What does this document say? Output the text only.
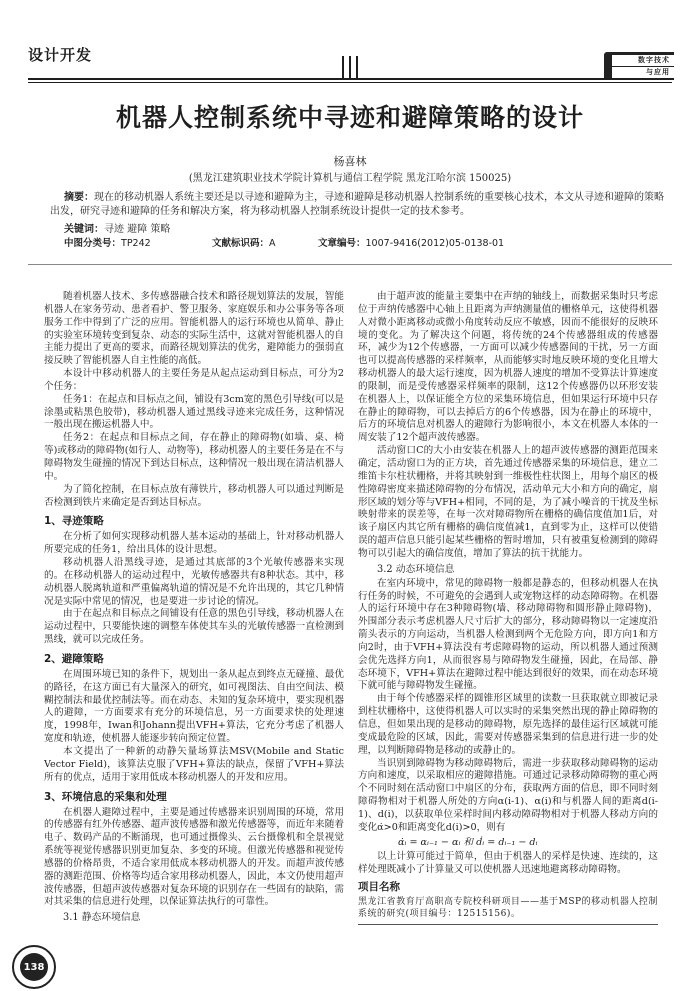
设计开发	数字技术
与应用
机器人控制系统中寻迹和避障策略的设计
杨喜林
(黑龙江建筑职业技术学院计算机与通信工程学院 黑龙江哈尔滨 150025)
摘要：现在的移动机器人系统主要还是以寻迹和避障为主，寻迹和避障是移动机器人控制系统的重要核心技术，本文从寻迹和避障的策略出发，研究寻迹和避障的任务和解决方案，将为移动机器人控制系统设计提供一定的技术参考。
关键词：寻迹 避障 策略
中图分类号：TP242	文献标识码：A	文章编号：1007-9416(2012)05-0138-01

随着机器人技术、多传感器融合技术和路径规划算法的发展，智能机器人在家务劳动、患者看护、警卫服务、家庭娱乐和办公事务等各项服务工作中得到了广泛的应用。智能机器人的运行环境也从简单、静止的实验室环境转变到复杂、动态的实际生活中，这就对智能机器人的自主能力提出了更高的要求，而路径规划算法的优劣，避障能力的强弱直接反映了智能机器人自主性能的高低。

本设计中移动机器人的主要任务是从起点运动到目标点，可分为2个任务：

任务1：在起点和目标点之间，铺设有3cm宽的黑色引导线(可以是涂墨或粘黑色胶带)，移动机器人通过黑线寻迹来完成任务，这种情况一般出现在搬运机器人中。

任务2：在起点和目标点之间，存在静止的障碍物(如墙、桌、椅等)或移动的障碍物(如行人、动物等)，移动机器人的主要任务是在不与障碍物发生碰撞的情况下到达目标点，这种情况一般出现在清洁机器人中。

为了简化控制，在目标点放有薄铁片，移动机器人可以通过判断是否检测到铁片来确定是否到达目标点。

1、寻迹策略

在分析了如何实现移动机器人基本运动的基础上，针对移动机器人所要完成的任务1，给出具体的设计思想。

移动机器人沿黑线寻迹，是通过其底部的3个光敏传感器来实现的。在移动机器人的运动过程中，光敏传感器共有8种状态。其中，移动机器人脱离轨道和严重偏离轨道的情况是不允许出现的，其它几种情况是实际中常见的情况，也是要进一步讨论的情况。

由于在起点和目标点之间铺设有任意的黑色引导线，移动机器人在运动过程中，只要能快速的调整车体使其车头的光敏传感器一直检测到黑线，就可以完成任务。

2、避障策略

在周围环境已知的条件下，规划出一条从起点到终点无碰撞、最优的路径，在这方面已有大量深入的研究，如可视图法、自由空间法、模糊控制法和最优控制法等。而在动态、未知的复杂环境中，要实现机器人的避障，一方面要求有充分的环境信息，另一方面要求快的处理速度，1998年，Iwan和Johann提出VFH+算法，它充分考虑了机器人宽度和轨迹，使机器人能逐步转向预定位置。

本文提出了一种新的动静矢量场算法MSV(Mobile and Static Vector Field)，该算法克服了VFH+算法的缺点，保留了VFH+算法所有的优点，适用于家用低成本移动机器人的开发和应用。

3、环境信息的采集和处理

在机器人避障过程中，主要是通过传感器来识别周围的环境，常用的传感器有红外传感器、超声波传感器和激光传感器等，而近年来随着电子、数码产品的不断涌现，也可通过摄像头、云台摄像机和全景视觉系统等视觉传感器识别更加复杂、多变的环境。但激光传感器和视觉传感器的价格昂贵，不适合家用低成本移动机器人的开发。而超声波传感器的测距范围、价格等均适合家用移动机器人，因此，本文仍使用超声波传感器，但超声波传感器对复杂环境的识别存在一些固有的缺陷，需对其采集的信息进行处理，以保证算法执行的可靠性。

3.1 静态环境信息

由于超声波的能量主要集中在声纳的轴线上，而数据采集时只考虑位于声纳传感器中心轴上且距离为声纳测量值的栅格单元，这使得机器人对微小距离移动或微小角度转动反应不敏感，因而不能很好的反映环境的变化。为了解决这个问题，将传统的24个传感器组成的传感器环，减少为12个传感器，一方面可以减少传感器间的干扰，另一方面也可以提高传感器的采样频率，从而能够实时地反映环境的变化且增大移动机器人的最大运行速度，因为机器人速度的增加不受算法计算速度的限制，而是受传感器采样频率的限制，这12个传感器仍以环形安装在机器人上，以保证能全方位的采集环境信息，但如果运行环境中只存在静止的障碍物，可以去掉后方的6个传感器，因为在静止的环境中，后方的环境信息对机器人的避障行为影响很小，本文在机器人本体的一周安装了12个超声波传感器。

活动窗口C的大小由安装在机器人上的超声波传感器的测距范围来确定，活动窗口为的正方块，首先通过传感器采集的环境信息，建立二维笛卡尔柱状栅格，并将其映射到一维极性柱状图上，用每个扇区的极性障碍密度来描述障碍物的分布情况，活动单元大小和方向的确定，扇形区域的划分等与VFH+相同，不同的是，为了减小噪音的干扰及坐标映射带来的误差等，在每一次对障碍物所在栅格的确信度值加1后，对该子扇区内其它所有栅格的确信度值减1，直到零为止，这样可以使错误的超声信息只能引起某些栅格的暂时增加，只有被重复检测到的障碍物可以引起大的确信度值，增加了算法的抗干扰能力。

3.2 动态环境信息

在室内环境中，常见的障碍物一般都是静态的，但移动机器人在执行任务的时候，不可避免的会遇到人或宠物这样的动态障碍物。在机器人的运行环境中存在3种障碍物(墙、移动障碍物和圆形静止障碍物)，外围部分表示考虑机器人尺寸后扩大的部分，移动障碍物以一定速度沿箭头表示的方向运动，当机器人检测到两个无危险方向，即方向1和方向2时，由于VFH+算法没有考虑障碍物的运动，所以机器人通过预测会优先选择方向1，从而很容易与障碍物发生碰撞，因此，在局部、静态环境下，VFH+算法在避障过程中能达到很好的效果，而在动态环境下就可能与障碍物发生碰撞。

由于每个传感器采样的圆锥形区域里的读数一旦获取就立即被记录到柱状栅格中，这使得机器人可以实时的采集突然出现的静止障碍物的信息，但如果出现的是移动的障碍物，原先选择的最佳运行区域就可能变成最危险的区域，因此，需要对传感器采集到的信息进行进一步的处理，以判断障碍物是移动的或静止的。

当识别到障碍物为移动障碍物后，需进一步获取移动障碍物的运动方向和速度，以采取相应的避障措施。可通过记录移动障碍物的重心两个不同时刻在活动窗口中扇区的分布，获取两方面的信息，即不同时刻障碍物相对于机器人所处的方向α(i-1)、α(i)和与机器人间的距离d(i-1)、d(i)，以获取单位采样时间内移动障碍物相对于机器人移动方向的变化α̇>0和距离变化d(i)>0，则有

α̇ᵢ = αᵢ₋₁ − αᵢ 和 ḋᵢ = dᵢ₋₁ − dᵢ

以上计算可能过于简单，但由于机器人的采样是快速、连续的，这样处理既减小了计算量又可以使机器人迅速地避离移动障碍物。

项目名称

黑龙江省教育厅高职高专院校科研项目——基于MSP的移动机器人控制系统的研究(项目编号：12515156)。

138
